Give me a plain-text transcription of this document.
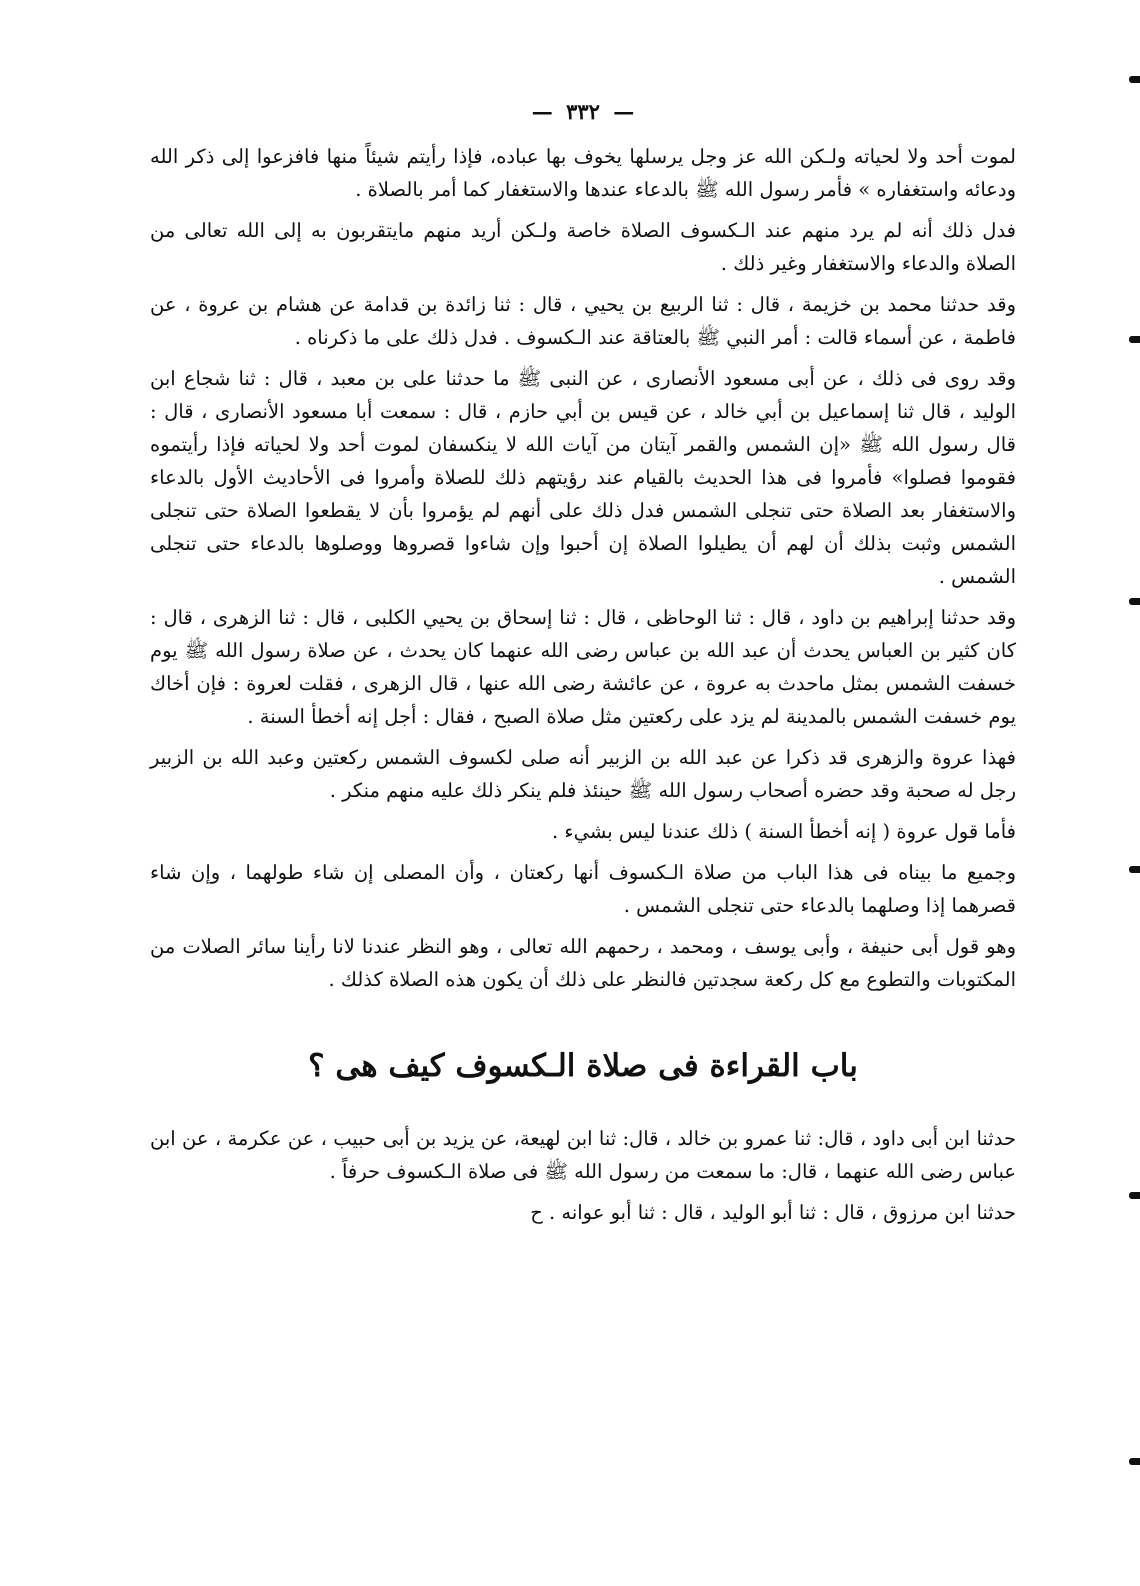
— ٣٣٢ —

لموت أحد ولا لحياته ولـكن الله عز وجل يرسلها يخوف بها عباده، فإذا رأيتم شيئاً منها فافزعوا إلى ذكر الله ودعائه واستغفاره » فأمر رسول الله ﷺ بالدعاء عندها والاستغفار كما أمر بالصلاة .

فدل ذلك أنه لم يرد منهم عند الـكسوف الصلاة خاصة ولـكن أريد منهم مايتقربون به إلى الله تعالى من الصلاة والدعاء والاستغفار وغير ذلك .

وقد حدثنا محمد بن خزيمة ، قال : ثنا الربيع بن يحيي ، قال : ثنا زائدة بن قدامة عن هشام بن عروة ، عن فاطمة ، عن أسماء قالت : أمر النبي ﷺ بالعتاقة عند الـكسوف . فدل ذلك على ما ذكرناه .

وقد روى فى ذلك ، عن أبى مسعود الأنصارى ، عن النبى ﷺ ما حدثنا على بن معبد ، قال : ثنا شجاع ابن الوليد ، قال ثنا إسماعيل بن أبي خالد ، عن قيس بن أبي حازم ، قال : سمعت أبا مسعود الأنصارى ، قال : قال رسول الله ﷺ «إن الشمس والقمر آيتان من آيات الله لا ينكسفان لموت أحد ولا لحياته فإذا رأيتموه فقوموا فصلوا» فأمروا فى هذا الحديث بالقيام عند رؤيتهم ذلك للصلاة وأمروا فى الأحاديث الأول بالدعاء والاستغفار بعد الصلاة حتى تنجلى الشمس فدل ذلك على أنهم لم يؤمروا بأن لا يقطعوا الصلاة حتى تنجلى الشمس وثبت بذلك أن لهم أن يطيلوا الصلاة إن أحبوا وإن شاءوا قصروها ووصلوها بالدعاء حتى تنجلى الشمس .

وقد حدثنا إبراهيم بن داود ، قال : ثنا الوحاظى ، قال : ثنا إسحاق بن يحيي الكلبى ، قال : ثنا الزهرى ، قال : كان كثير بن العباس يحدث أن عبد الله بن عباس رضى الله عنهما كان يحدث ، عن صلاة رسول الله ﷺ يوم خسفت الشمس بمثل ماحدث به عروة ، عن عائشة رضى الله عنها ، قال الزهرى ، فقلت لعروة : فإن أخاك يوم خسفت الشمس بالمدينة لم يزد على ركعتين مثل صلاة الصبح ، فقال : أجل إنه أخطأ السنة .

فهذا عروة والزهرى قد ذكرا عن عبد الله بن الزبير أنه صلى لكسوف الشمس ركعتين وعبد الله بن الزبير رجل له صحبة وقد حضره أصحاب رسول الله ﷺ حينئذ فلم ينكر ذلك عليه منهم منكر .

فأما قول عروة ( إنه أخطأ السنة ) ذلك عندنا ليس بشيء .

وجميع ما بيناه فى هذا الباب من صلاة الـكسوف أنها ركعتان ، وأن المصلى إن شاء طولهما ، وإن شاء قصرهما إذا وصلهما بالدعاء حتى تنجلى الشمس .

وهو قول أبى حنيفة ، وأبى يوسف ، ومحمد ، رحمهم الله تعالى ، وهو النظر عندنا لانا رأينا سائر الصلات من المكتوبات والتطوع مع كل ركعة سجدتين فالنظر على ذلك أن يكون هذه الصلاة كذلك .

باب القراءة فى صلاة الـكسوف كيف هى ؟

حدثنا ابن أبى داود ، قال: ثنا عمرو بن خالد ، قال: ثنا ابن لهيعة، عن يزيد بن أبى حبيب ، عن عكرمة ، عن ابن عباس رضى الله عنهما ، قال: ما سمعت من رسول الله ﷺ فى صلاة الـكسوف حرفاً .

حدثنا ابن مرزوق ، قال : ثنا أبو الوليد ، قال : ثنا أبو عوانه . ح
